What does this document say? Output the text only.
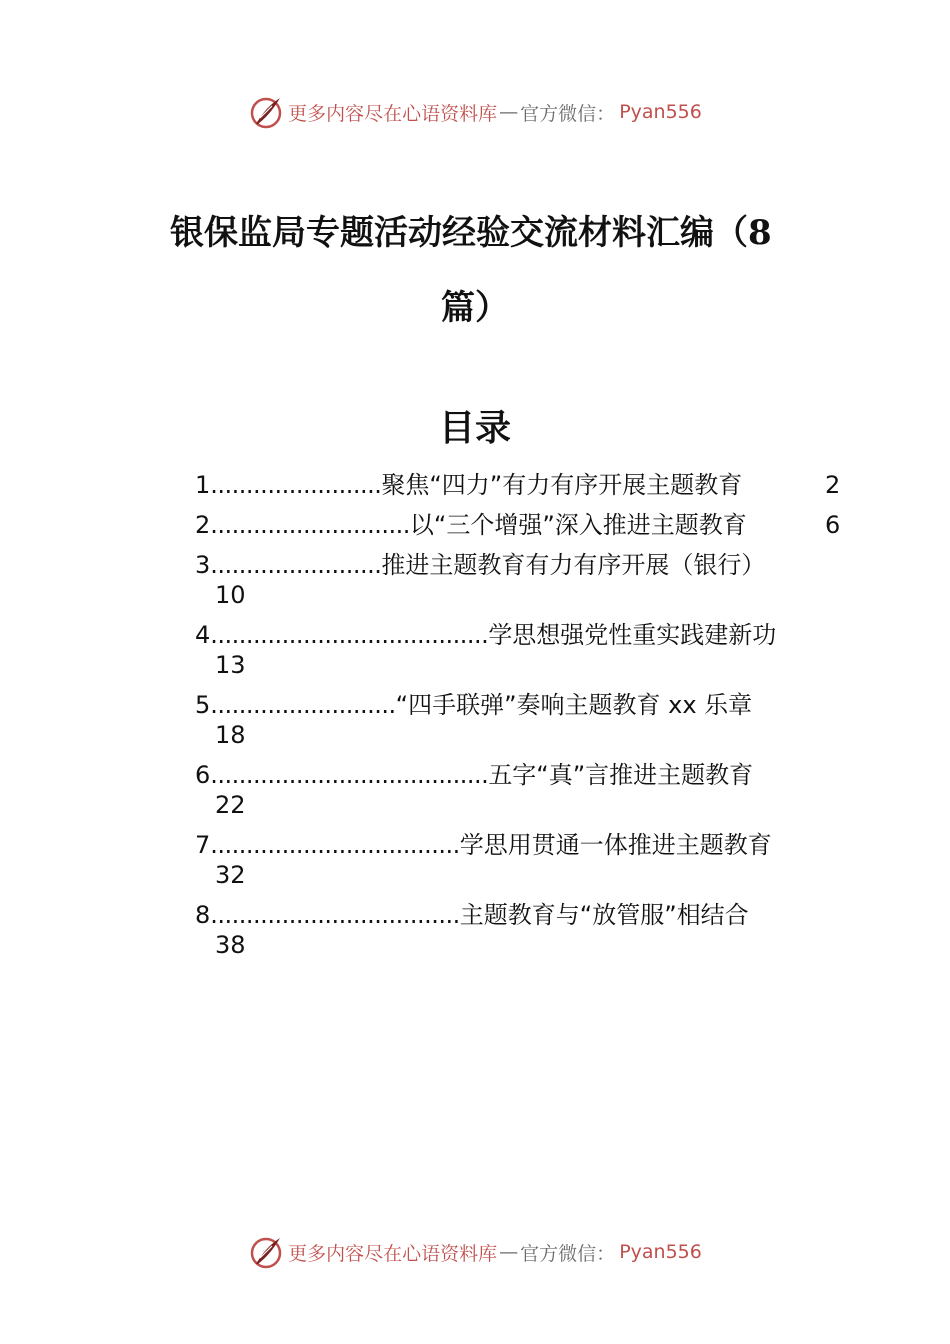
更多内容尽在心语资料库 — 官方微信： Pyan556
银保监局专题活动经验交流材料汇编（8
篇）
目录
1 ........................ 聚焦“四力”有力有序开展主题教育	2
2 ............................ 以“三个增强”深入推进主题教育	6
3 ........................ 推进主题教育有力有序开展（银行）
10
4 ....................................... 学思想强党性重实践建新功
13
5 .......................... “四手联弹”奏响主题教育 xx 乐章
18
6 ....................................... 五字“真”言推进主题教育
22
7 ................................... 学思用贯通一体推进主题教育
32
8 ................................... 主题教育与“放管服”相结合
38
更多内容尽在心语资料库 — 官方微信： Pyan556
